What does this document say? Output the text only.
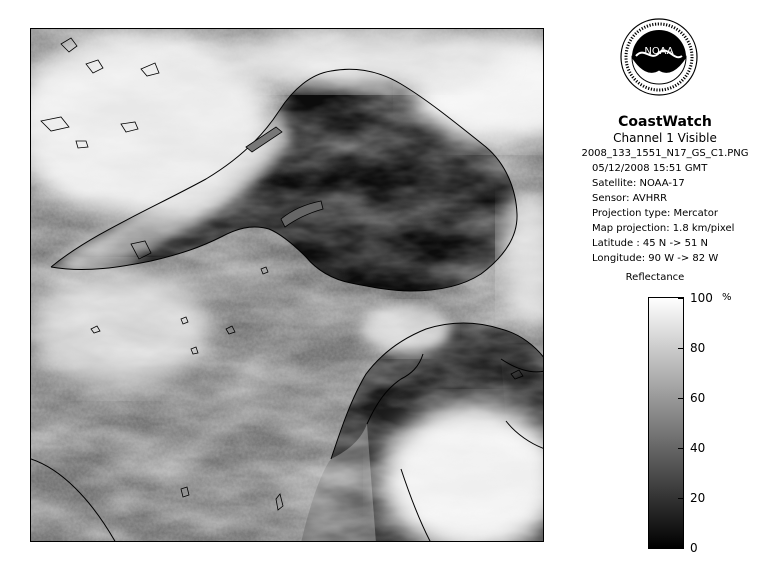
NOAA
CoastWatch
Channel 1 Visible
2008_133_1551_N17_GS_C1.PNG
05/12/2008 15:51 GMT
Satellite: NOAA-17
Sensor: AVHRR
Projection type: Mercator
Map projection: 1.8 km/pixel
Latitude : 45 N -> 51 N
Longitude: 90 W -> 82 W
Reflectance
%
0
20
40
60
80
100
